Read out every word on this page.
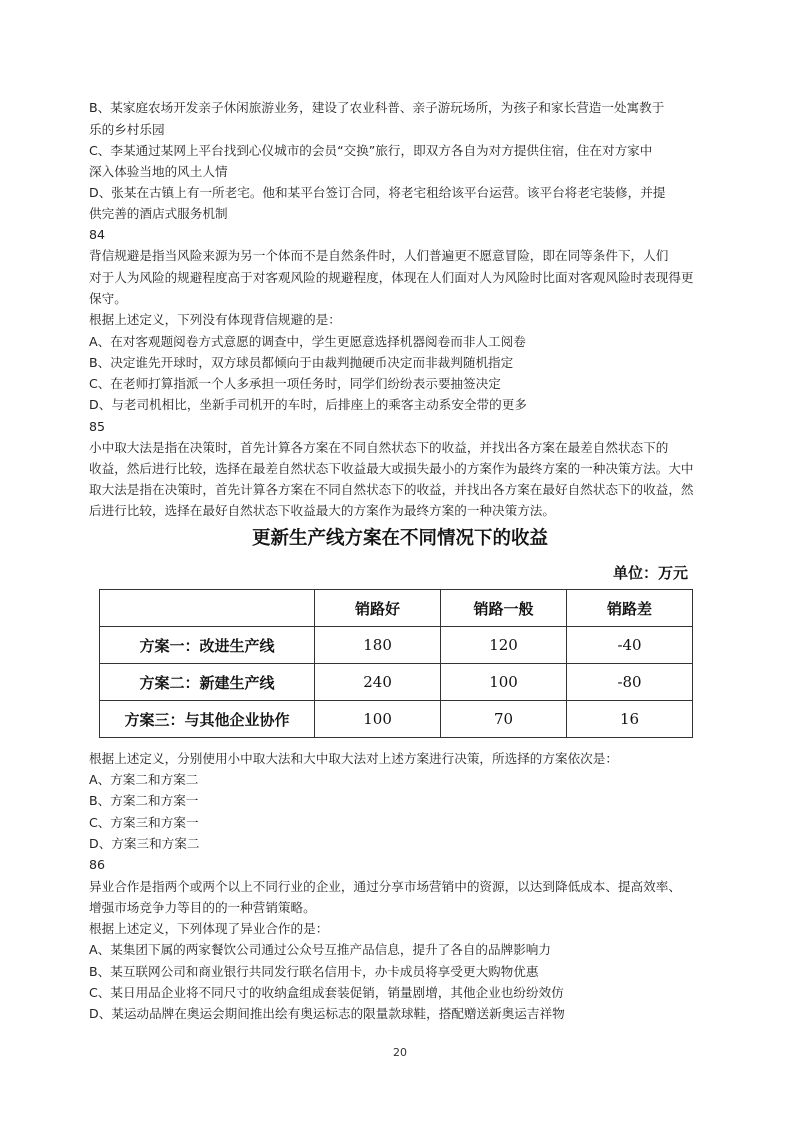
B、某家庭农场开发亲子休闲旅游业务，建设了农业科普、亲子游玩场所，为孩子和家长营造一处寓教于
乐的乡村乐园
C、李某通过某网上平台找到心仪城市的会员“交换”旅行，即双方各自为对方提供住宿，住在对方家中
深入体验当地的风土人情
D、张某在古镇上有一所老宅。他和某平台签订合同，将老宅租给该平台运营。该平台将老宅装修，并提
供完善的酒店式服务机制
84
背信规避是指当风险来源为另一个体而不是自然条件时，人们普遍更不愿意冒险，即在同等条件下，人们
对于人为风险的规避程度高于对客观风险的规避程度，体现在人们面对人为风险时比面对客观风险时表现得更
保守。
根据上述定义，下列没有体现背信规避的是：
A、在对客观题阅卷方式意愿的调查中，学生更愿意选择机器阅卷而非人工阅卷
B、决定谁先开球时，双方球员都倾向于由裁判抛硬币决定而非裁判随机指定
C、在老师打算指派一个人多承担一项任务时，同学们纷纷表示要抽签决定
D、与老司机相比，坐新手司机开的车时，后排座上的乘客主动系安全带的更多
85
小中取大法是指在决策时，首先计算各方案在不同自然状态下的收益，并找出各方案在最差自然状态下的
收益，然后进行比较，选择在最差自然状态下收益最大或损失最小的方案作为最终方案的一种决策方法。大中
取大法是指在决策时，首先计算各方案在不同自然状态下的收益，并找出各方案在最好自然状态下的收益，然
后进行比较，选择在最好自然状态下收益最大的方案作为最终方案的一种决策方法。
更新生产线方案在不同情况下的收益
单位：万元
	销路好	销路一般	销路差
方案一：改进生产线	180	120	-40
方案二：新建生产线	240	100	-80
方案三：与其他企业协作	100	70	16
根据上述定义，分别使用小中取大法和大中取大法对上述方案进行决策，所选择的方案依次是：
A、方案二和方案二
B、方案二和方案一
C、方案三和方案一
D、方案三和方案二
86
异业合作是指两个或两个以上不同行业的企业，通过分享市场营销中的资源，以达到降低成本、提高效率、
增强市场竞争力等目的的一种营销策略。
根据上述定义，下列体现了异业合作的是：
A、某集团下属的两家餐饮公司通过公众号互推产品信息，提升了各自的品牌影响力
B、某互联网公司和商业银行共同发行联名信用卡，办卡成员将享受更大购物优惠
C、某日用品企业将不同尺寸的收纳盒组成套装促销，销量剧增，其他企业也纷纷效仿
D、某运动品牌在奥运会期间推出绘有奥运标志的限量款球鞋，搭配赠送新奥运吉祥物
20
